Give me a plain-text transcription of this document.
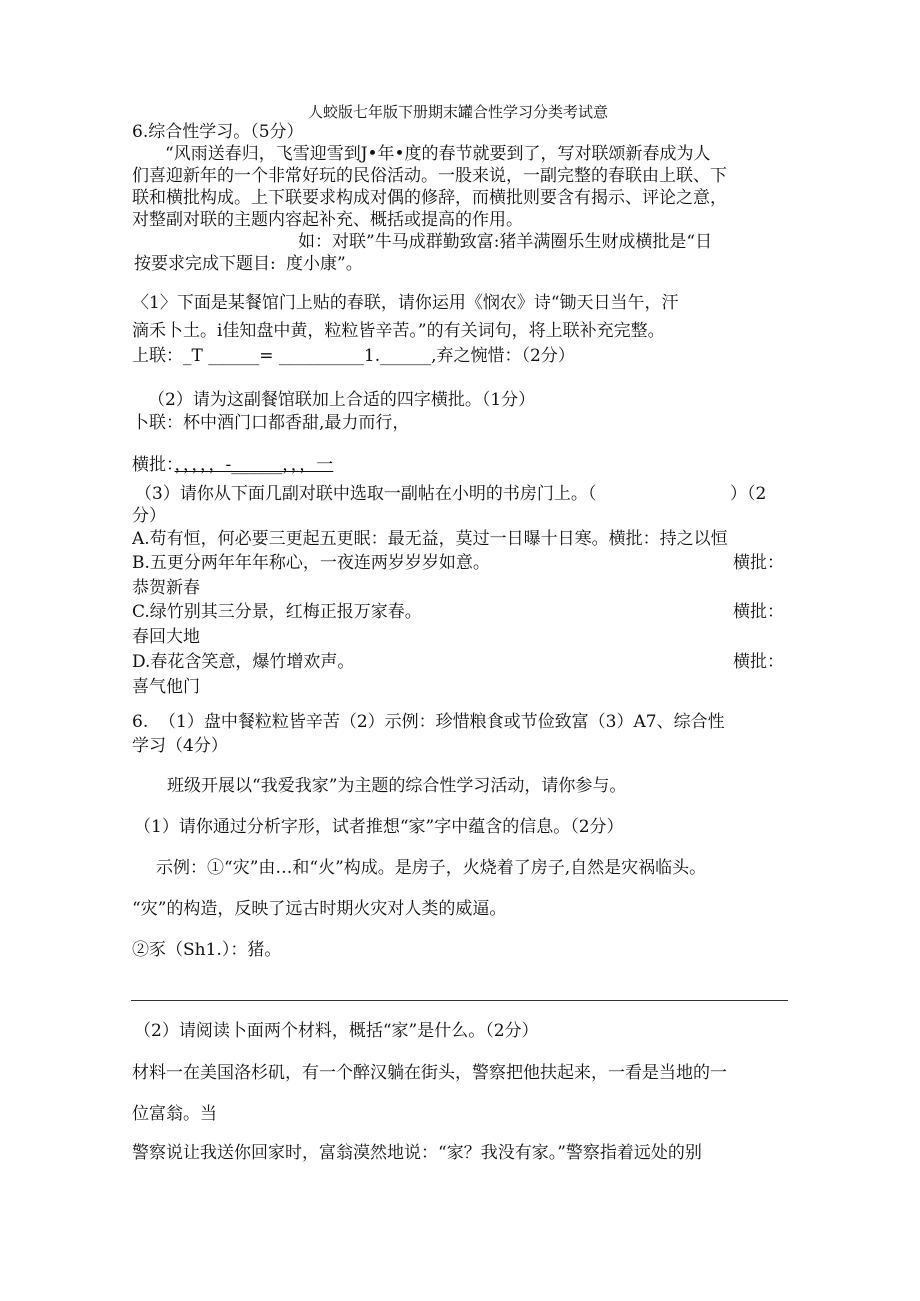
人蛟版七年版下册期末罐合性学习分类考试意
6.综合性学习。（5分）
“风雨送春归，飞雪迎雪到J•年•度的春节就要到了，写对联颂新春成为人
们喜迎新年的一个非常好玩的民俗活动。一股来说，一副完整的春联由上联、下
联和横批构成。上下联要求构成对偶的修辞，而横批则要含有揭示、评论之意，
对整副对联的主题内容起补充、概括或提高的作用。
如：对联”牛马成群勤致富:猪羊满圈乐生财成横批是“日
按要求完成下题目: 度小康”。
〈1〉下面是某餐馆门上贴的春联，请你运用《悯农》诗“锄天日当午，汗
滴禾卜土。i佳知盘中黄，粒粒皆辛苦。”的有关词句，将上联补充完整。
上联：_T ______= __________1.______,弃之惋惜：（2分）
（2）请为这副餐馆联加上合适的四字横批。（1分）
卜联：杯中酒门口都香甜,最力而行，
横批：，，，，，-______，，，一
（3）请你从下面几副对联中选取一副帖在小明的书房门上。（	）（2
分）
A.苟有恒，何必要三更起五更眠：最无益，莫过一日曝十日寒。横批：持之以恒
B.五更分两年年年称心，一夜连两岁岁岁如意。	横批：
恭贺新春
C.绿竹别其三分景，红梅正报万家春。	横批：
春回大地
D.春花含笑意，爆竹增欢声。	横批：
喜气他门
6.  （1）盘中餐粒粒皆辛苦（2）示例：珍惜粮食或节俭致富（3）A7、综合性
学习（4分）
班级开展以“我爱我家”为主题的综合性学习活动，请你参与。
（1）请你通过分析字形，试者推想“家”字中蕴含的信息。（2分）
示例：①“灾”由…和“火”构成。是房子，火烧着了房子,自然是灾祸临头。
“灾”的构造，反映了远古时期火灾对人类的威逼。
②豕（Sh1.）：猪。
（2）请阅读卜面两个材料，概括“家”是什么。（2分）
材料一在美国洛杉矶，有一个醉汉躺在街头，警察把他扶起来，一看是当地的一
位富翁。当
警察说让我送你回家时，富翁漠然地说：“家？我没有家。”警察指着远处的别
